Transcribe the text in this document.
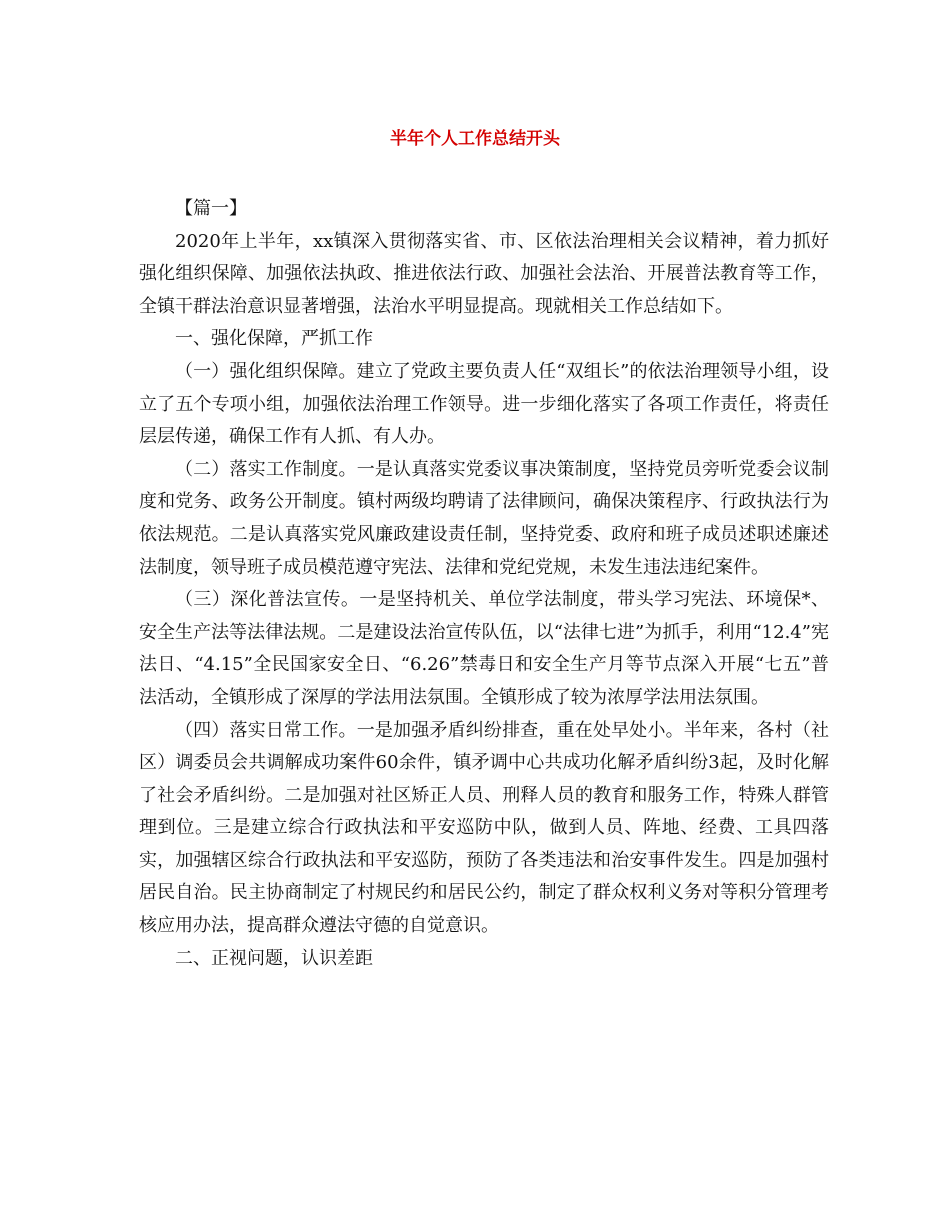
半年个人工作总结开头

【篇一】

2020年上半年，xx镇深入贯彻落实省、市、区依法治理相关会议精神，着力抓好强化组织保障、加强依法执政、推进依法行政、加强社会法治、开展普法教育等工作，全镇干群法治意识显著增强，法治水平明显提高。现就相关工作总结如下。

一、强化保障，严抓工作

（一）强化组织保障。建立了党政主要负责人任“双组长”的依法治理领导小组，设立了五个专项小组，加强依法治理工作领导。进一步细化落实了各项工作责任，将责任层层传递，确保工作有人抓、有人办。

（二）落实工作制度。一是认真落实党委议事决策制度，坚持党员旁听党委会议制度和党务、政务公开制度。镇村两级均聘请了法律顾问，确保决策程序、行政执法行为依法规范。二是认真落实党风廉政建设责任制，坚持党委、政府和班子成员述职述廉述法制度，领导班子成员模范遵守宪法、法律和党纪党规，未发生违法违纪案件。

（三）深化普法宣传。一是坚持机关、单位学法制度，带头学习宪法、环境保*、安全生产法等法律法规。二是建设法治宣传队伍，以“法律七进”为抓手，利用“12.4”宪法日、“4.15”全民国家安全日、“6.26”禁毒日和安全生产月等节点深入开展“七五”普法活动，全镇形成了深厚的学法用法氛围。全镇形成了较为浓厚学法用法氛围。

（四）落实日常工作。一是加强矛盾纠纷排查，重在处早处小。半年来，各村（社区）调委员会共调解成功案件60余件，镇矛调中心共成功化解矛盾纠纷3起，及时化解了社会矛盾纠纷。二是加强对社区矫正人员、刑释人员的教育和服务工作，特殊人群管理到位。三是建立综合行政执法和平安巡防中队，做到人员、阵地、经费、工具四落实，加强辖区综合行政执法和平安巡防，预防了各类违法和治安事件发生。四是加强村居民自治。民主协商制定了村规民约和居民公约，制定了群众权利义务对等积分管理考核应用办法，提高群众遵法守德的自觉意识。

二、正视问题，认识差距
